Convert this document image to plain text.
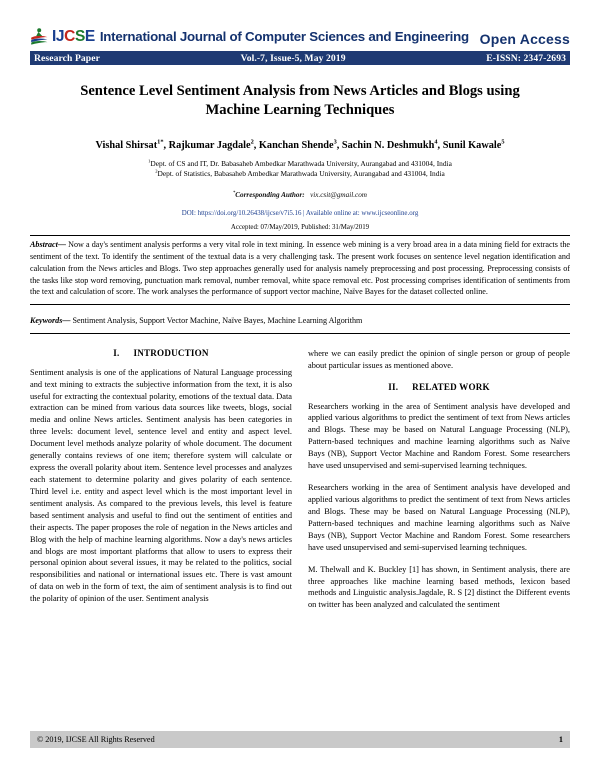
IJCSE International Journal of Computer Sciences and Engineering Open Access
Research Paper	Vol.-7, Issue-5, May 2019	E-ISSN: 2347-2693
Sentence Level Sentiment Analysis from News Articles and Blogs using Machine Learning Techniques
Vishal Shirsat$^{1*}$, Rajkumar Jagdale$^2$, Kanchan Shende$^3$, Sachin N. Deshmukh$^4$, Sunil Kawale$^5$
$^1$Dept. of CS and IT, Dr. Babasaheb Ambedkar Marathwada University, Aurangabad and 431004, India
$^2$Dept. of Statistics, Babasaheb Ambedkar Marathwada University, Aurangabad and 431004, India
*Corresponding Author: vix.csit@gmail.com
DOI: https://doi.org/10.26438/ijcse/v7i5.16 | Available online at: www.ijcseonline.org
Accepted: 07/May/2019, Published: 31/May/2019
Abstract— Now a day's sentiment analysis performs a very vital role in text mining. In essence web mining is a very broad area in a data mining field for extracts the sentiment of the text. To identify the sentiment of the textual data is a very challenging task. The present work focuses on sentence level negation identification and calculation from the News articles and Blogs. Two step approaches generally used for analysis namely preprocessing and post processing. Preprocessing consists of the tasks like stop word removing, punctuation mark removal, number removal, white space removal etc. Post processing comprises identification of sentiments from the text and calculation of score. The work analyses the performance of support vector machine, Naïve Bayes for the dataset collected online.
Keywords— Sentiment Analysis, Support Vector Machine, Naïve Bayes, Machine Learning Algorithm
I. INTRODUCTION

Sentiment analysis is one of the applications of Natural Language processing and text mining to extracts the subjective information from the text, it is also useful for extracting the contextual polarity, emotions of the textual data. Data extraction can be mined from various data sources like tweets, blogs, social media and online News articles. Sentiment analysis has been categories in three levels: document level, sentence level and entity and aspect level. Document level methods analyze polarity of whole document. The document generally contains reviews of one item; therefore system will calculate or express the overall polarity about item. Sentence level processes and analyzes each statement to determine polarity and gives polarity of each sentence. Third level i.e. entity and aspect level which is the most important level in sentiment analysis. As compared to the previous levels, this level is feature based sentiment analysis and useful to find out the sentiment of entities and their aspects. The paper proposes the role of negation in the News articles and Blog with the help of machine learning algorithms. Now a day's news articles and blogs are most important platforms that allow to users to express their personal opinion about several issues, it may be related to the politics, social responsibilities and national or international issues etc. There is vast amount of data on web in the form of text, the aim of sentiment analysis is to find out the polarity of opinion of the user. Sentiment analysis

where we can easily predict the opinion of single person or group of people about particular issues as mentioned above.

II. RELATED WORK

Researchers working in the area of Sentiment analysis have developed and applied various algorithms to predict the sentiment of text from News articles and Blogs. These may be based on Natural Language Processing (NLP), Pattern-based techniques and machine learning algorithms such as Naïve Bays (NB), Support Vector Machine and Random Forest. Some researchers have used unsupervised and semi-supervised learning techniques.

Researchers working in the area of Sentiment analysis have developed and applied various algorithms to predict the sentiment of text from News articles and Blogs. These may be based on Natural Language Processing (NLP), Pattern-based techniques and machine learning algorithms such as Naïve Bays (NB), Support Vector Machine and Random Forest. Some researchers have used unsupervised and semi-supervised learning techniques.

M. Thelwall and K. Buckley [1] has shown, in Sentiment analysis, there are three approaches like machine learning based methods, lexicon based methods and Linguistic analysis.Jagdale, R. S [2] distinct the Different events on twitter has been analyzed and calculated the sentiment

© 2019, IJCSE All Rights Reserved	1
